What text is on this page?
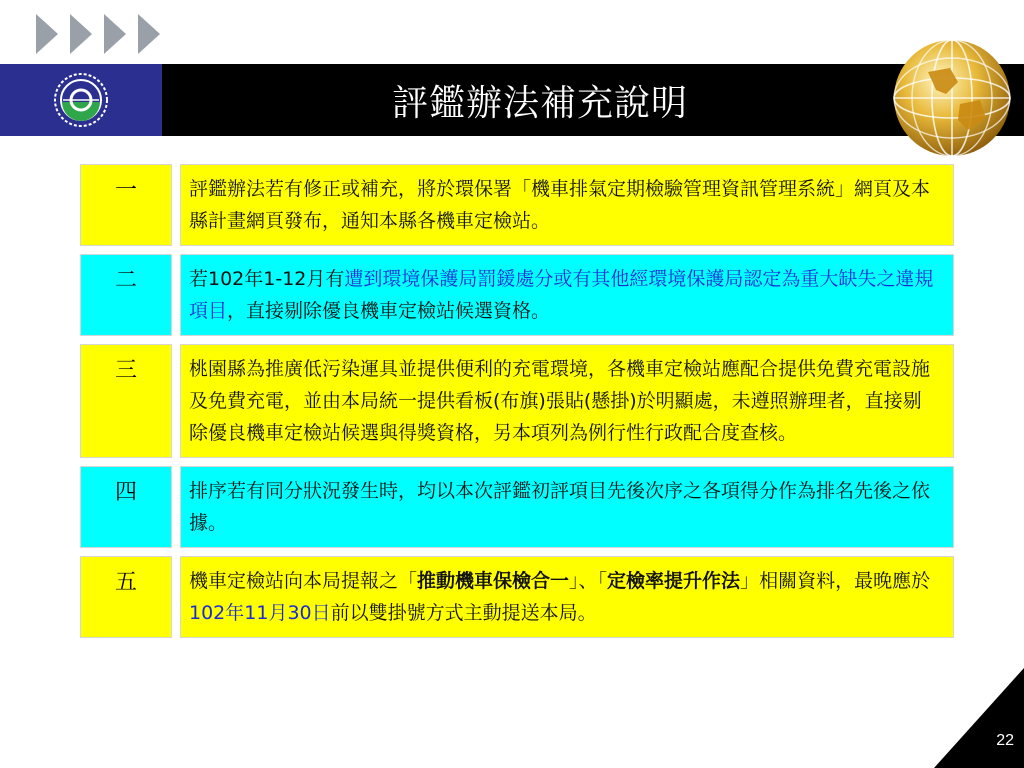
評鑑辦法補充說明
一	評鑑辦法若有修正或補充，將於環保署「機車排氣定期檢驗管理資訊管理系統」網頁及本縣計畫網頁發布，通知本縣各機車定檢站。
二	若102年1-12月有遭到環境保護局罰鍰處分或有其他經環境保護局認定為重大缺失之違規項目，直接剔除優良機車定檢站候選資格。
三	桃園縣為推廣低污染運具並提供便利的充電環境，各機車定檢站應配合提供免費充電設施及免費充電，並由本局統一提供看板(布旗)張貼(懸掛)於明顯處，未遵照辦理者，直接剔除優良機車定檢站候選與得獎資格，另本項列為例行性行政配合度查核。
四	排序若有同分狀況發生時，均以本次評鑑初評項目先後次序之各項得分作為排名先後之依據。
五	機車定檢站向本局提報之「推動機車保檢合一」、「定檢率提升作法」相關資料，最晚應於102年11月30日前以雙掛號方式主動提送本局。
22
